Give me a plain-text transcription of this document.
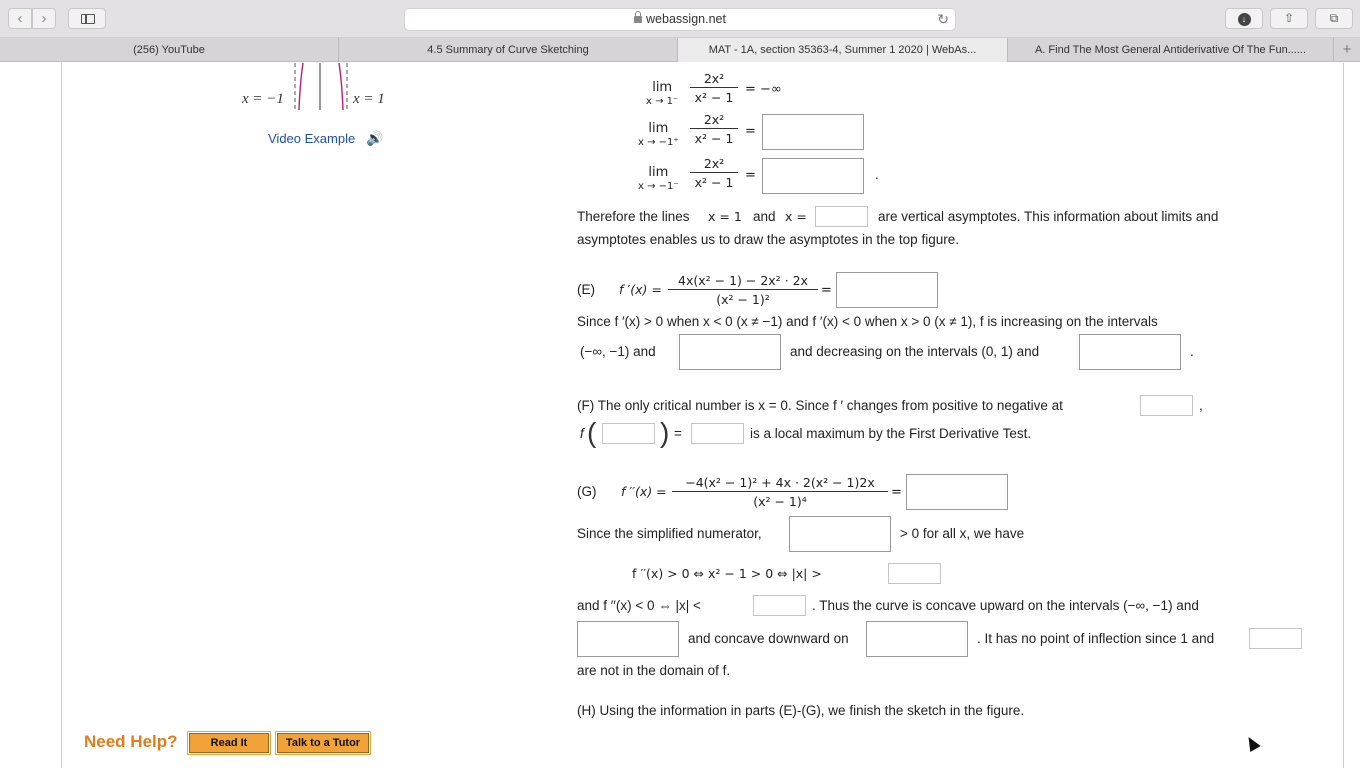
‹	›	webassign.net	↻	↓	⇧	⧉
(256) YouTube	4.5 Summary of Curve Sketching	MAT - 1A, section 35363-4, Summer 1 2020 | WebAs...	A. Find The Most General Antiderivative Of The Fun......	+
x = −1	x = 1
Video Example 🔊
lim
x → 1⁻
2x²
x² − 1
= −∞
lim
x → −1⁺
2x²
x² − 1 =
lim
x → −1⁻
2x²
x² − 1 =	.
Therefore the lines x = 1 and x =	are vertical asymptotes. This information about limits and
asymptotes enables us to draw the asymptotes in the top figure.
(E) f ′(x) =
4x(x² − 1) − 2x² · 2x
(x² − 1)²
=
Since f ′(x) > 0 when x < 0 (x ≠ −1) and f ′(x) < 0 when x > 0 (x ≠ 1), f is increasing on the intervals
(−∞, −1) and	and decreasing on the intervals (0, 1) and	.
(F) The only critical number is x = 0. Since f ′ changes from positive to negative at	,
f ( ) =	is a local maximum by the First Derivative Test.
(G) f ′′(x) =
−4(x² − 1)² + 4x · 2(x² − 1)2x
(x² − 1)⁴
=
Since the simplified numerator,	> 0 for all x, we have
f ′′(x) > 0 ⇔ x² − 1 > 0 ⇔ |x| >
and f ′′(x) < 0 ⇔ |x| <	. Thus the curve is concave upward on the intervals (−∞, −1) and
and concave downward on	. It has no point of inflection since 1 and
are not in the domain of f.
(H) Using the information in parts (E)-(G), we finish the sketch in the figure.
Need Help?	Read It	Talk to a Tutor
